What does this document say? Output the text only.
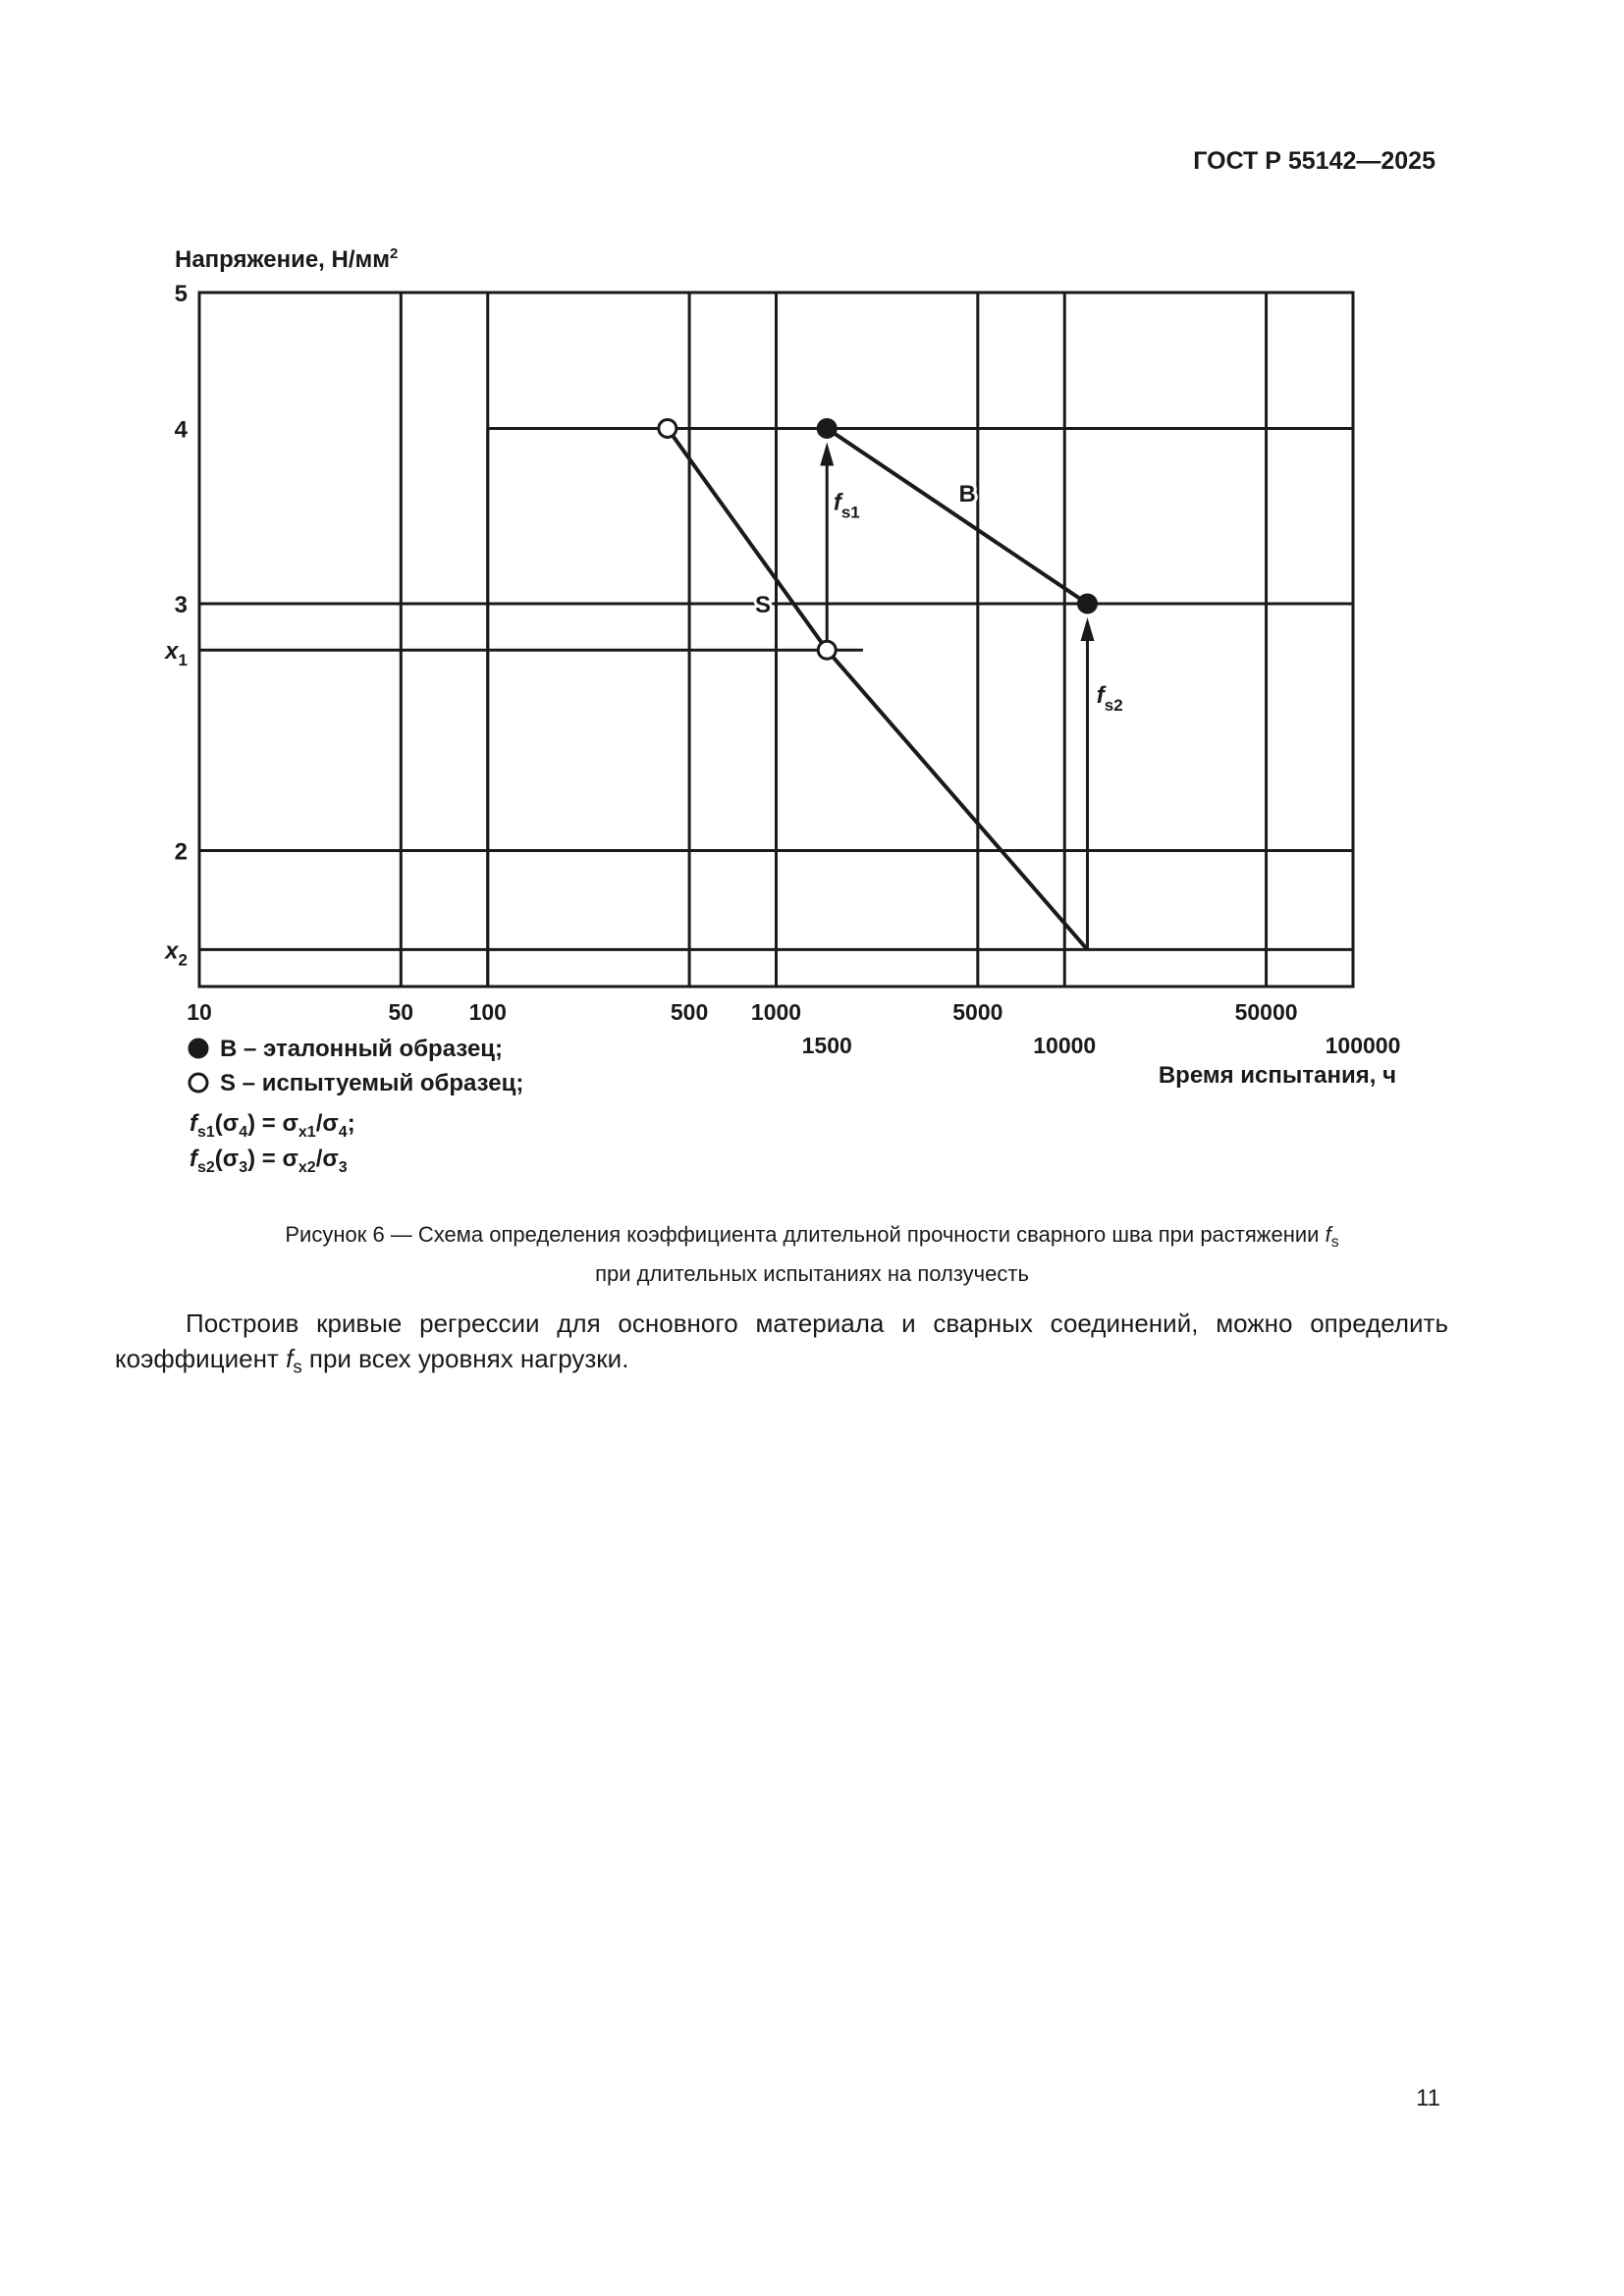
ГОСТ Р 55142—2025
5
4
3
$x_1$
2
$x_2$
$f_{s1}$
$f_{s2}$
B
S
10	50 100	500 1000	5000	50000
1500	10000	100000
Напряжение, $Н/мм^2$
Время испытания, ч
B – эталонный образец;
S – испытуемый образец;
$f_{s1}(\sigma_4) = \sigma_{x1}/\sigma_4$;
$f_{s2}(\sigma_3) = \sigma_{x2}/\sigma_3$
Рисунок 6 — Схема определения коэффициента длительной прочности сварного шва при растяжении $f_s$
при длительных испытаниях на ползучесть
Построив кривые регрессии для основного материала и сварных соединений, можно определить
коэффициент $f_s$ при всех уровнях нагрузки.
11
